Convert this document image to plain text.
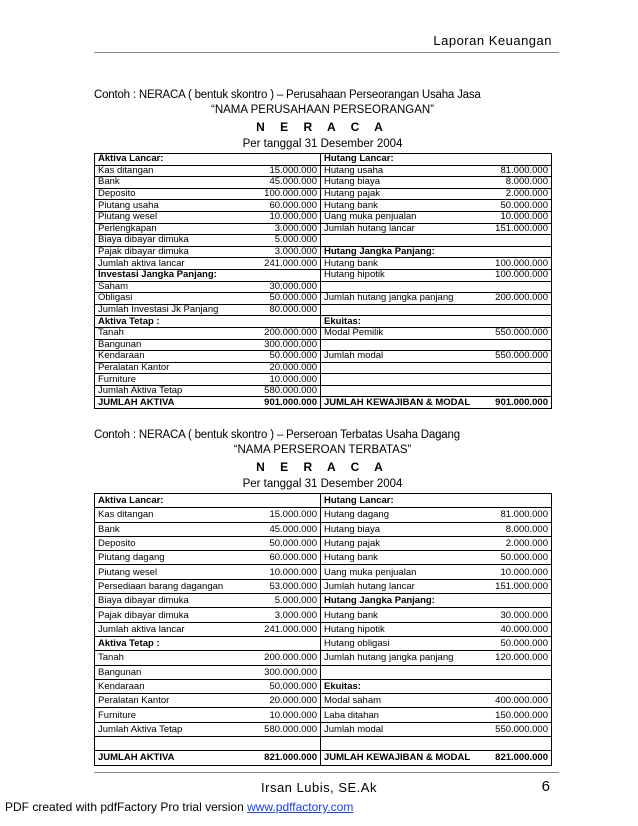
Laporan Keuangan
Contoh : NERACA ( bentuk skontro ) – Perusahaan Perseorangan Usaha Jasa
“NAMA PERUSAHAAN PERSEORANGAN”
N E R A C A
Per tanggal 31 Desember 2004
Aktiva Lancar:		Hutang Lancar:	
Kas ditangan	15.000.000	Hutang usaha	81.000.000
Bank	45.000.000	Hutang biaya	8.000.000
Deposito	100.000.000	Hutang pajak	2.000.000
Piutang usaha	60.000.000	Hutang bank	50.000.000
Piutang wesel	10.000.000	Uang muka penjualan	10.000.000
Perlengkapan	3.000.000	Jumlah hutang lancar	151.000.000
Biaya dibayar dimuka	5.000.000		
Pajak dibayar dimuka	3.000.000	Hutang Jangka Panjang:	
Jumlah aktiva lancar	241.000.000	Hutang bank	100.000.000
Investasi Jangka Panjang:		Hutang hipotik	100.000.000
Saham	30.000.000		
Obligasi	50.000.000	Jumlah hutang jangka panjang	200.000.000
Jumlah Investasi Jk Panjang	80.000.000		
Aktiva Tetap :		Ekuitas:	
Tanah	200.000.000	Modal Pemilik	550.000.000
Bangunan	300.000.000		
Kendaraan	50.000.000	Jumlah modal	550.000.000
Peralatan Kantor	20.000.000		
Furniture	10.000.000		
Jumlah Aktiva Tetap	580.000.000		
JUMLAH AKTIVA	901.000.000	JUMLAH KEWAJIBAN & MODAL	901.000.000
Contoh : NERACA ( bentuk skontro ) – Perseroan Terbatas Usaha Dagang
“NAMA PERSEROAN TERBATAS”
N E R A C A
Per tanggal 31 Desember 2004
Aktiva Lancar:		Hutang Lancar:	
Kas ditangan	15.000.000	Hutang dagang	81.000.000
Bank	45.000.000	Hutang biaya	8.000.000
Deposito	50.000.000	Hutang pajak	2.000.000
Piutang dagang	60.000.000	Hutang bank	50.000.000
Piutang wesel	10.000.000	Uang muka penjualan	10.000.000
Persediaan barang dagangan	53.000.000	Jumlah hutang lancar	151.000.000
Biaya dibayar dimuka	5.000.000	Hutang Jangka Panjang:	
Pajak dibayar dimuka	3.000.000	Hutang bank	30.000.000
Jumlah aktiva lancar	241.000.000	Hutang hipotik	40.000.000
Aktiva Tetap :		Hutang obligasi	50.000.000
Tanah	200.000.000	Jumlah hutang jangka panjang	120.000.000
Bangunan	300.000.000		
Kendaraan	50.000.000	Ekuitas:	
Peralatan Kantor	20.000.000	Modal saham	400.000.000
Furniture	10.000.000	Laba ditahan	150.000.000
Jumlah Aktiva Tetap	580.000.000	Jumlah modal	550.000.000

JUMLAH AKTIVA	821.000.000	JUMLAH KEWAJIBAN & MODAL	821.000.000
Irsan Lubis, SE.Ak	6
PDF created with pdfFactory Pro trial version www.pdffactory.com
